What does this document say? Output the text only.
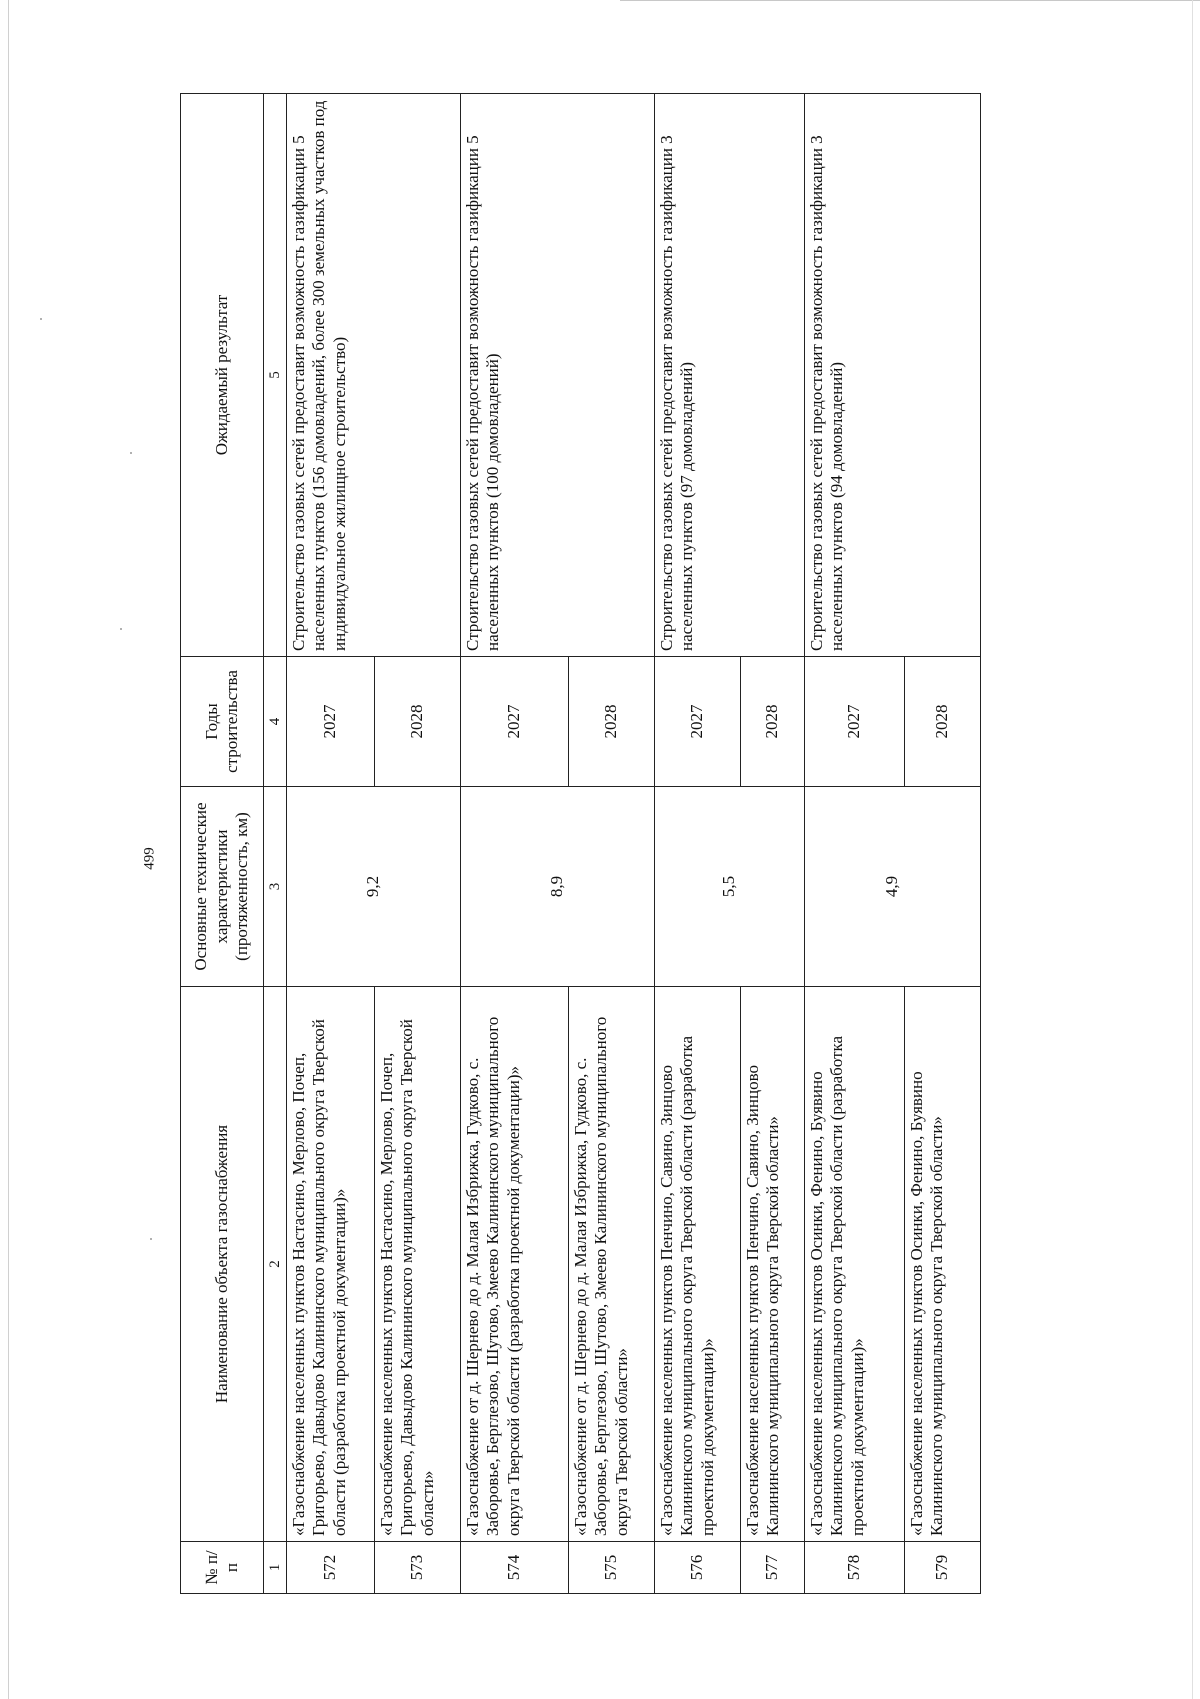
499
№ п/п	Наименование объекта газоснабжения	Основные технические характеристики (протяженность, км)	Годы строительства	Ожидаемый результат
1	2	3	4	5
572	«Газоснабжение населенных пунктов Настасино, Мерлово, Почеп, Григорьево, Давыдово Калининского муниципального округа Тверской области (разработка проектной документации)»	9,2	2027	Строительство газовых сетей предоставит возможность газификации 5 населенных пунктов (156 домовладений, более 300 земельных участков под индивидуальное жилищное строительство)
573	«Газоснабжение населенных пунктов Настасино, Мерлово, Почеп, Григорьево, Давыдово Калининского муниципального округа Тверской области»		2028	
574	«Газоснабжение от д. Шернево до д. Малая Избрижка, Гудково, с. Заборовье, Берглезово, Шутово, Змеево Калининского муниципального округа Тверской области (разработка проектной документации)»	8,9	2027	Строительство газовых сетей предоставит возможность газификации 5 населенных пунктов (100 домовладений)
575	«Газоснабжение от д. Шернево до д. Малая Избрижка, Гудково, с. Заборовье, Берглезово, Шутово, Змеево Калининского муниципального округа Тверской области»		2028	
576	«Газоснабжение населенных пунктов Пенчино, Савино, Зинцово Калининского муниципального округа Тверской области (разработка проектной документации)»	5,5	2027	Строительство газовых сетей предоставит возможность газификации 3 населенных пунктов (97 домовладений)
577	«Газоснабжение населенных пунктов Пенчино, Савино, Зинцово Калининского муниципального округа Тверской области»		2028	
578	«Газоснабжение населенных пунктов Осинки, Фенино, Буявино Калининского муниципального округа Тверской области (разработка проектной документации)»	4,9	2027	Строительство газовых сетей предоставит возможность газификации 3 населенных пунктов (94 домовладений)
579	«Газоснабжение населенных пунктов Осинки, Фенино, Буявино Калининского муниципального округа Тверской области»		2028	
